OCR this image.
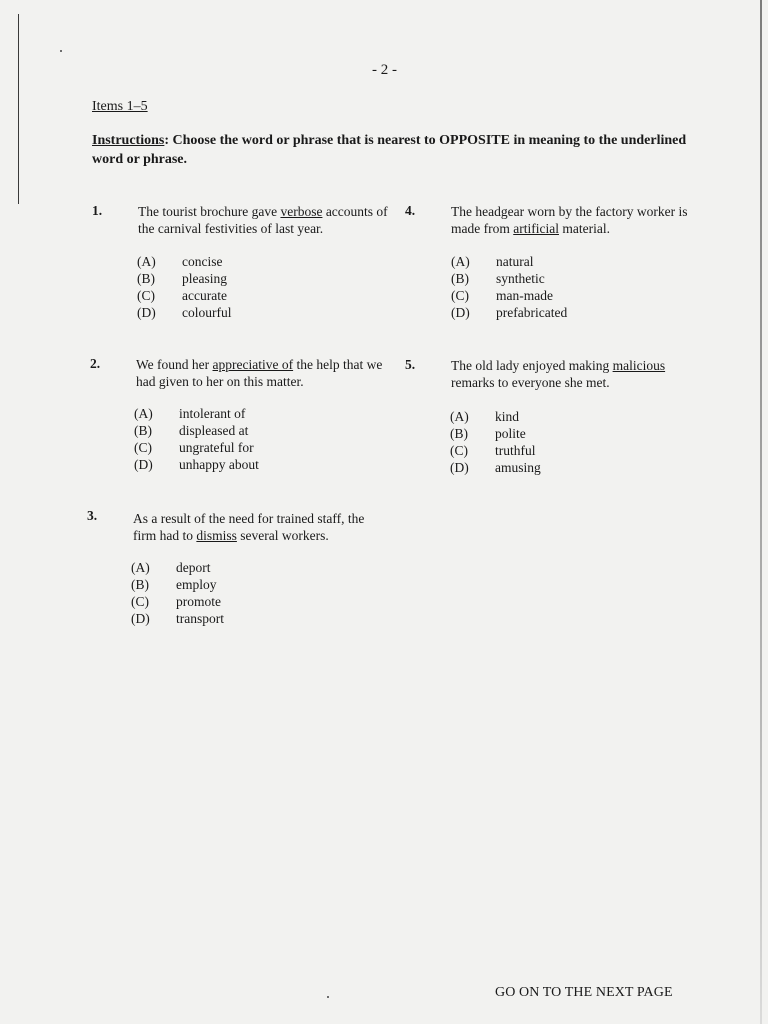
- 2 -
Items 1–5
Instructions: Choose the word or phrase that is nearest to OPPOSITE in meaning to the underlined word or phrase.
1.	The tourist brochure gave verbose accounts of the carnival festivities of last year.
(A)	concise
(B)	pleasing
(C)	accurate
(D)	colourful
2.	We found her appreciative of the help that we had given to her on this matter.
(A)	intolerant of
(B)	displeased at
(C)	ungrateful for
(D)	unhappy about
3.	As a result of the need for trained staff, the firm had to dismiss several workers.
(A)	deport
(B)	employ
(C)	promote
(D)	transport
4.	The headgear worn by the factory worker is made from artificial material.
(A)	natural
(B)	synthetic
(C)	man-made
(D)	prefabricated
5.	The old lady enjoyed making malicious remarks to everyone she met.
(A)	kind
(B)	polite
(C)	truthful
(D)	amusing
GO ON TO THE NEXT PAGE
